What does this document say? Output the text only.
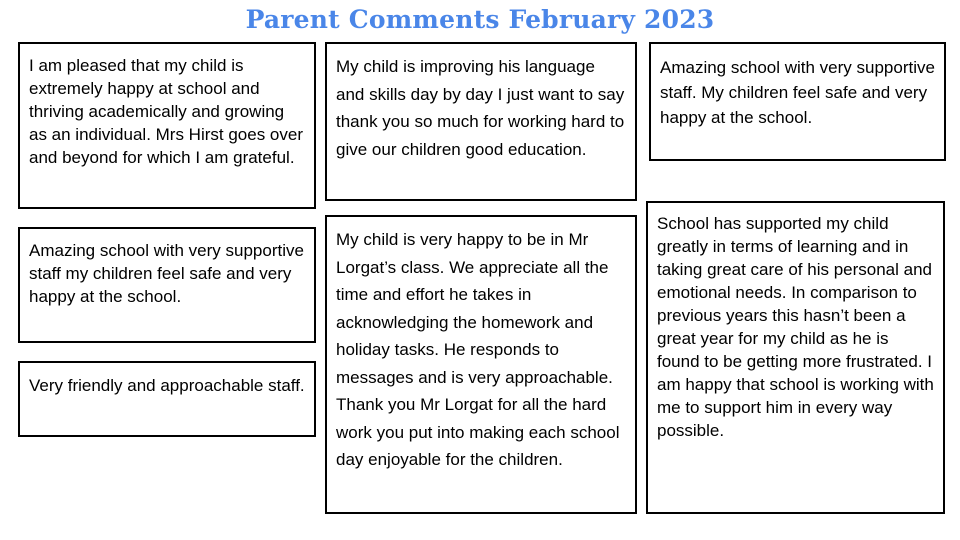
Parent Comments February 2023
I am pleased that my child is extremely happy at school and thriving academically and growing as an individual. Mrs Hirst goes over and beyond for which I am grateful.
Amazing school with very supportive staff my children feel safe and very happy at the school.
Very friendly and approachable staff.
My child is improving his language and skills day by day I just want to say thank you so much for working hard to give our children good education.
My child is very happy to be in Mr Lorgat’s class. We appreciate all the time and effort he takes in acknowledging the homework and holiday tasks. He responds to messages and is very approachable. Thank you Mr Lorgat for all the hard work you put into making each school day enjoyable for the children.
Amazing school with very supportive staff. My children feel safe and very happy at the school.
School has supported my child greatly in terms of learning and in taking great care of his personal and emotional needs. In comparison to previous years this hasn’t been a great year for my child as he is found to be getting more frustrated. I am happy that school is working with me to support him in every way possible.
